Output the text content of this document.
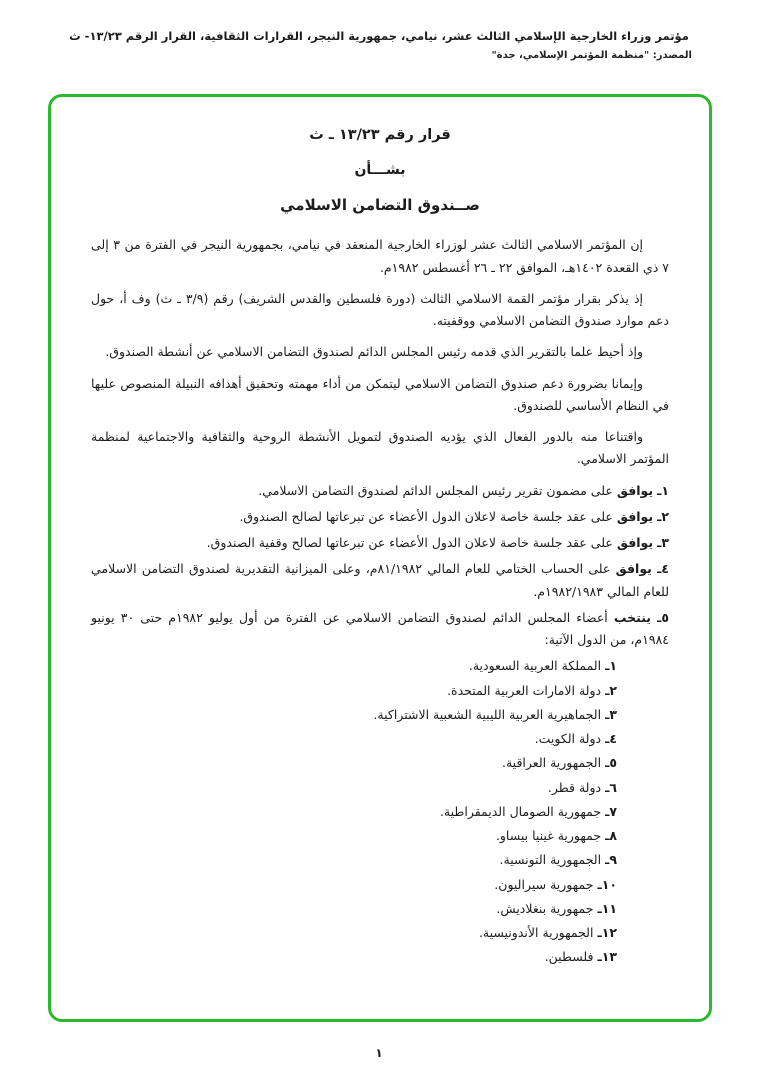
مؤتمر وزراء الخارجية الإسلامي الثالث عشر، نيامي، جمهورية النيجر، القرارات الثقافية، القرار الرقم ١٣/٢٣- ث
المصدر: "منظمة المؤتمر الإسلامي، جدة"
قرار رقم ١٣/٢٣ ـ ث
بشـــأن
صــندوق التضامن الاسلامي
إن المؤتمر الاسلامي الثالث عشر لوزراء الخارجية المنعقد في نيامي، بجمهورية النيجر في الفترة من ٣ إلى ٧ ذي القعدة ١٤٠٢هـ، الموافق ٢٢ ـ ٢٦ أغسطس ١٩٨٢م.
إذ يذكر بقرار مؤتمر القمة الاسلامي الثالث (دورة فلسطين والقدس الشريف) رقم (٣/٩ ـ ث) وف أ، حول دعم موارد صندوق التضامن الاسلامي ووقفيته.
وإذ أحيط علما بالتقرير الذي قدمه رئيس المجلس الدائم لصندوق التضامن الاسلامي عن أنشطة الصندوق.
وإيمانا بضرورة دعم صندوق التضامن الاسلامي ليتمكن من أداء مهمته وتحقيق أهدافه النبيلة المنصوص عليها في النظام الأساسي للصندوق.
واقتناعا منه بالدور الفعال الذي يؤديه الصندوق لتمويل الأنشطة الروحية والثقافية والاجتماعية لمنظمة المؤتمر الاسلامي.
١ـ يوافق على مضمون تقرير رئيس المجلس الدائم لصندوق التضامن الاسلامي.
٢ـ يوافق على عقد جلسة خاصة لاعلان الدول الأعضاء عن تبرعاتها لصالح الصندوق.
٣ـ يوافق على عقد جلسة خاصة لاعلان الدول الأعضاء عن تبرعاتها لصالح وقفية الصندوق.
٤ـ يوافق على الحساب الختامي للعام المالي ٨١/١٩٨٢م، وعلى الميزانية التقديرية لصندوق التضامن الاسلامي للعام المالي ١٩٨٢/١٩٨٣م.
٥ـ ينتخب أعضاء المجلس الدائم لصندوق التضامن الاسلامي عن الفترة من أول يوليو ١٩٨٢م حتى ٣٠ يونيو ١٩٨٤م، من الدول الآتية:
١ـ المملكة العربية السعودية.
٢ـ دولة الامارات العربية المتحدة.
٣ـ الجماهيرية العربية الليبية الشعبية الاشتراكية.
٤ـ دولة الكويت.
٥ـ الجمهورية العراقية.
٦ـ دولة قطر.
٧ـ جمهورية الصومال الديمقراطية.
٨ـ جمهورية غينيا بيساو.
٩ـ الجمهورية التونسية.
١٠ـ جمهورية سيراليون.
١١ـ جمهورية بنغلاديش.
١٢ـ الجمهورية الأندونيسية.
١٣ـ فلسطين.
١
